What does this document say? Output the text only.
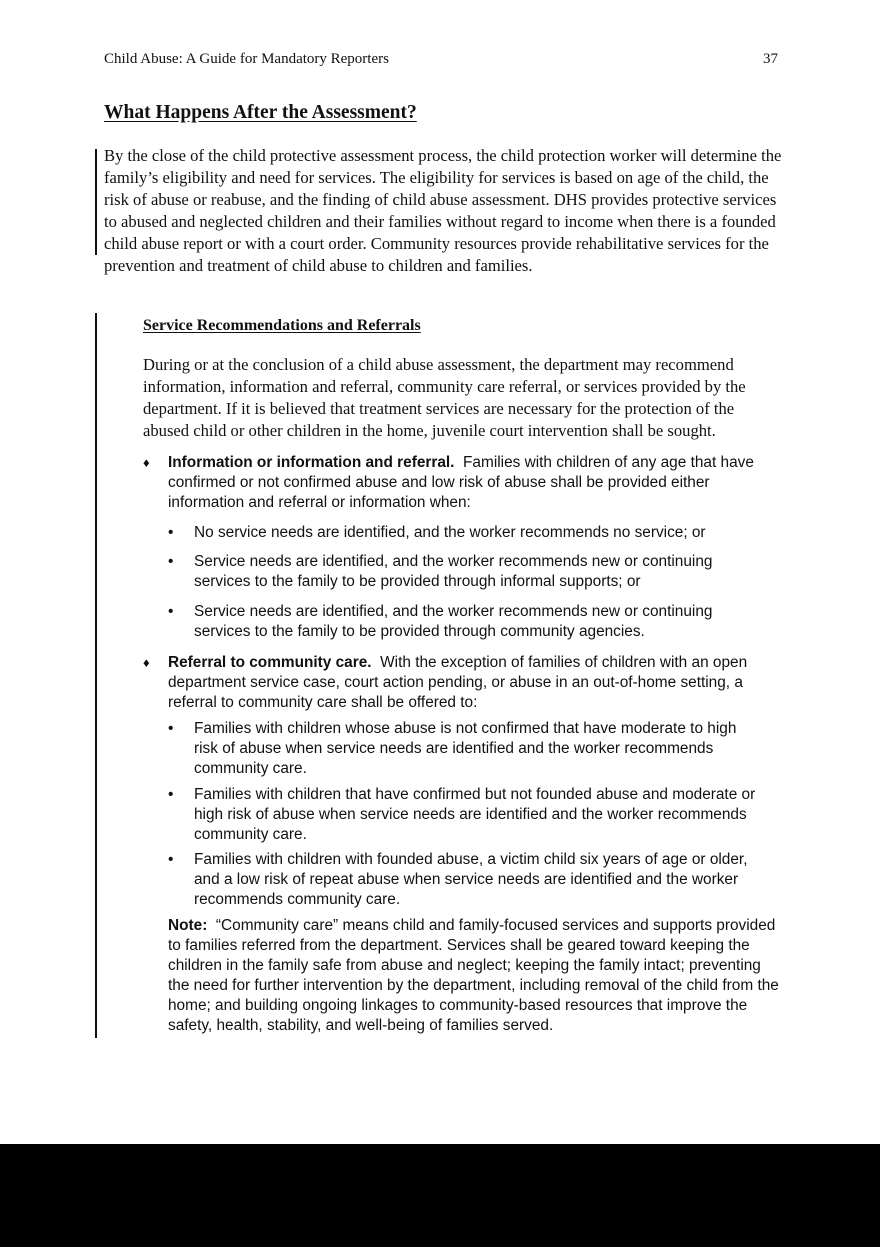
Child Abuse: A Guide for Mandatory Reporters	37
What Happens After the Assessment?

By the close of the child protective assessment process, the child protection worker will determine the family’s eligibility and need for services. The eligibility for services is based on age of the child, the risk of abuse or reabuse, and the finding of child abuse assessment. DHS provides protective services to abused and neglected children and their families without regard to income when there is a founded child abuse report or with a court order. Community resources provide rehabilitative services for the prevention and treatment of child abuse to children and families.

Service Recommendations and Referrals

During or at the conclusion of a child abuse assessment, the department may recommend information, information and referral, community care referral, or services provided by the department. If it is believed that treatment services are necessary for the protection of the abused child or other children in the home, juvenile court intervention shall be sought.

♦ Information or information and referral. Families with children of any age that have confirmed or not confirmed abuse and low risk of abuse shall be provided either information and referral or information when:
• No service needs are identified, and the worker recommends no service; or
• Service needs are identified, and the worker recommends new or continuing services to the family to be provided through informal supports; or
• Service needs are identified, and the worker recommends new or continuing services to the family to be provided through community agencies.
♦ Referral to community care. With the exception of families of children with an open department service case, court action pending, or abuse in an out-of-home setting, a referral to community care shall be offered to:
• Families with children whose abuse is not confirmed that have moderate to high risk of abuse when service needs are identified and the worker recommends community care.
• Families with children that have confirmed but not founded abuse and moderate or high risk of abuse when service needs are identified and the worker recommends community care.
• Families with children with founded abuse, a victim child six years of age or older, and a low risk of repeat abuse when service needs are identified and the worker recommends community care.

Note: “Community care” means child and family-focused services and supports provided to families referred from the department. Services shall be geared toward keeping the children in the family safe from abuse and neglect; keeping the family intact; preventing the need for further intervention by the department, including removal of the child from the home; and building ongoing linkages to community-based resources that improve the safety, health, stability, and well-being of families served.
